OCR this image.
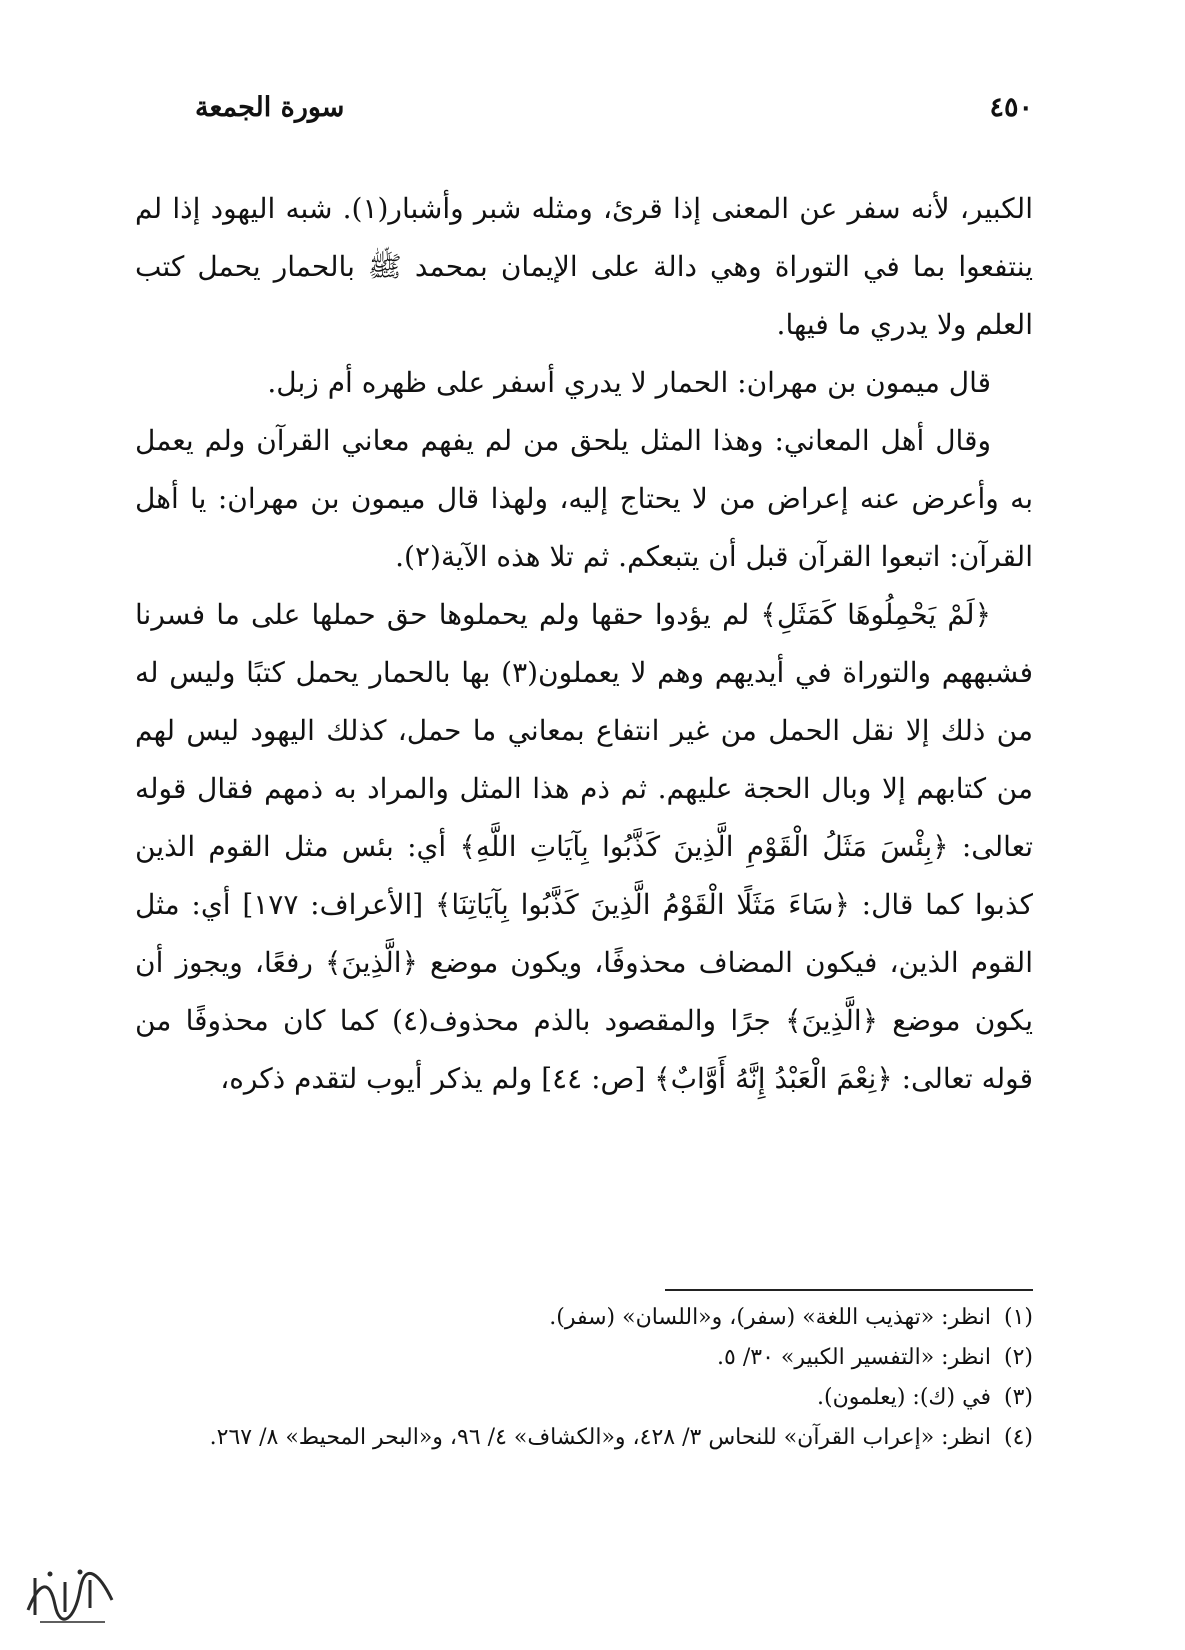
٤٥٠
سورة الجمعة

الكبير، لأنه سفر عن المعنى إذا قرئ، ومثله شبر وأشبار(١). شبه اليهود إذا لم ينتفعوا بما في التوراة وهي دالة على الإيمان بمحمد ﷺ بالحمار يحمل كتب العلم ولا يدري ما فيها.

قال ميمون بن مهران: الحمار لا يدري أسفر على ظهره أم زبل.

وقال أهل المعاني: وهذا المثل يلحق من لم يفهم معاني القرآن ولم يعمل به وأعرض عنه إعراض من لا يحتاج إليه، ولهذا قال ميمون بن مهران: يا أهل القرآن: اتبعوا القرآن قبل أن يتبعكم. ثم تلا هذه الآية(٢).

﴿لَمْ يَحْمِلُوهَا كَمَثَلِ﴾ لم يؤدوا حقها ولم يحملوها حق حملها على ما فسرنا فشبههم والتوراة في أيديهم وهم لا يعملون(٣) بها بالحمار يحمل كتبًا وليس له من ذلك إلا نقل الحمل من غير انتفاع بمعاني ما حمل، كذلك اليهود ليس لهم من كتابهم إلا وبال الحجة عليهم. ثم ذم هذا المثل والمراد به ذمهم فقال قوله تعالى: ﴿بِئْسَ مَثَلُ الْقَوْمِ الَّذِينَ كَذَّبُوا بِآيَاتِ اللَّهِ﴾ أي: بئس مثل القوم الذين كذبوا كما قال: ﴿سَاءَ مَثَلًا الْقَوْمُ الَّذِينَ كَذَّبُوا بِآيَاتِنَا﴾ [الأعراف: ١٧٧] أي: مثل القوم الذين، فيكون المضاف محذوفًا، ويكون موضع ﴿الَّذِينَ﴾ رفعًا، ويجوز أن يكون موضع ﴿الَّذِينَ﴾ جرًا والمقصود بالذم محذوف(٤) كما كان محذوفًا من قوله تعالى: ﴿نِعْمَ الْعَبْدُ إِنَّهُ أَوَّابٌ﴾ [ص: ٤٤] ولم يذكر أيوب لتقدم ذكره،

(١)
انظر: «تهذيب اللغة» (سفر)، و«اللسان» (سفر).

(٢)
انظر: «التفسير الكبير» ٣٠/ ٥.

(٣)
في (ك): (يعلمون).

(٤)
انظر: «إعراب القرآن» للنحاس ٣/ ٤٢٨، و«الكشاف» ٤/ ٩٦، و«البحر المحيط» ٨/ ٢٦٧.
